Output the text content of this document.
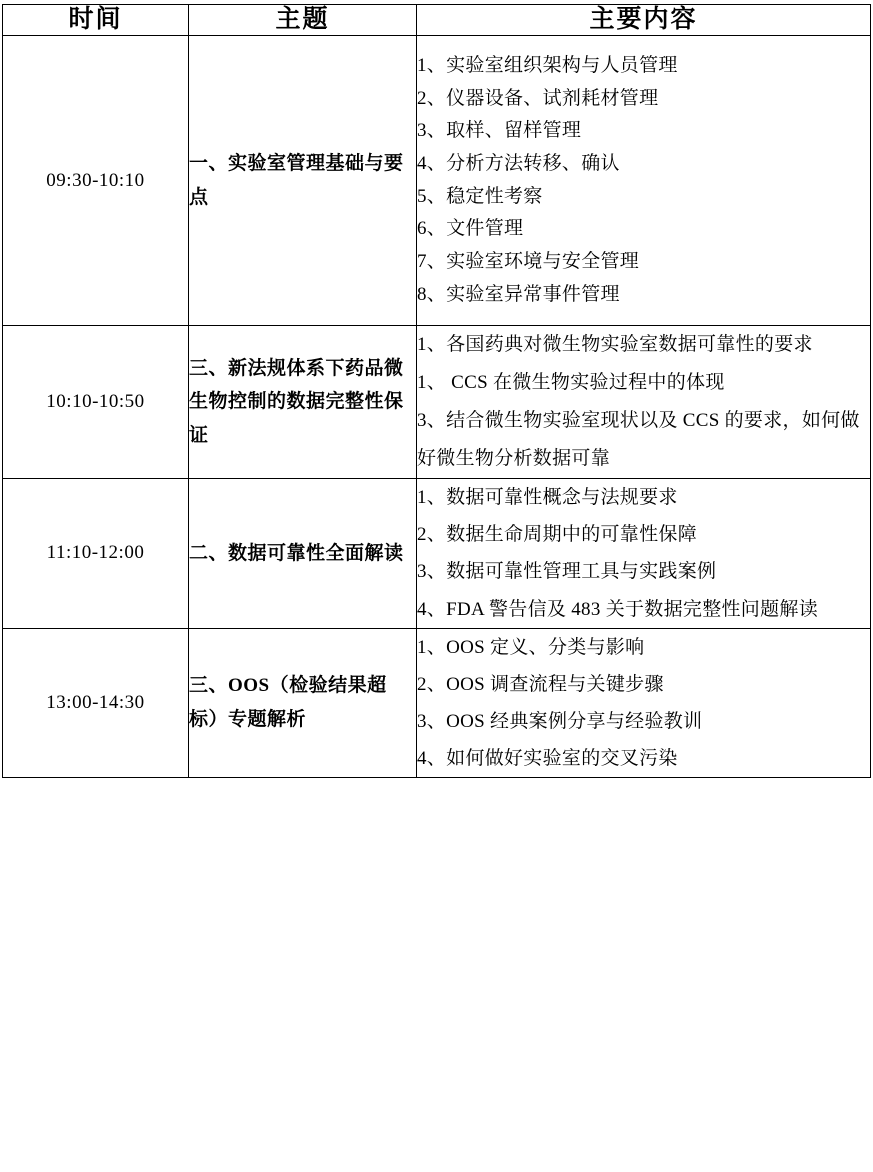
时间	主题	主要内容
09:30-10:10	一、实验室管理基础与要点	
1、实验室组织架构与人员管理
2、仪器设备、试剂耗材管理
3、取样、留样管理
4、分析方法转移、确认
5、稳定性考察
6、文件管理
7、实验室环境与安全管理
8、实验室异常事件管理

10:10-10:50	三、新法规体系下药品微生物控制的数据完整性保证	1、各国药典对微生物实验室数据可靠性的要求
1、 CCS 在微生物实验过程中的体现
3、结合微生物实验室现状以及 CCS 的要求，如何做好微生物分析数据可靠

11:10-12:00	二、数据可靠性全面解读	1、数据可靠性概念与法规要求
2、数据生命周期中的可靠性保障
3、数据可靠性管理工具与实践案例
4、FDA 警告信及 483 关于数据完整性问题解读

13:00-14:30	三、OOS（检验结果超标）专题解析	1、OOS 定义、分类与影响
2、OOS 调查流程与关键步骤
3、OOS 经典案例分享与经验教训
4、如何做好实验室的交叉污染
